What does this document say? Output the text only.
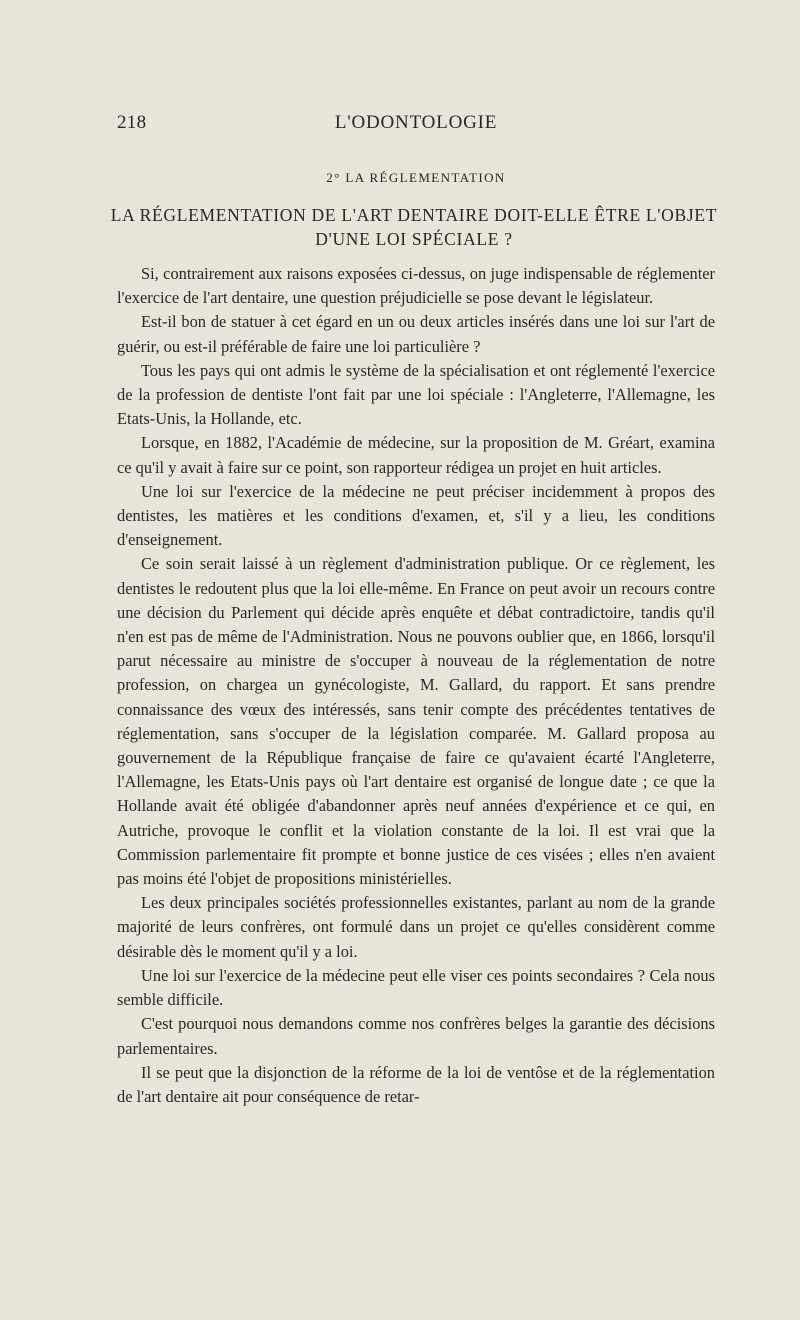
218	L'ODONTOLOGIE
2° LA RÉGLEMENTATION
LA RÉGLEMENTATION DE L'ART DENTAIRE DOIT-ELLE ÊTRE L'OBJET D'UNE LOI SPÉCIALE ?

Si, contrairement aux raisons exposées ci-dessus, on juge indispensable de réglementer l'exercice de l'art dentaire, une question préjudicielle se pose devant le législateur.

Est-il bon de statuer à cet égard en un ou deux articles insérés dans une loi sur l'art de guérir, ou est-il préférable de faire une loi particulière ?

Tous les pays qui ont admis le système de la spécialisation et ont réglementé l'exercice de la profession de dentiste l'ont fait par une loi spéciale : l'Angleterre, l'Allemagne, les Etats-Unis, la Hollande, etc.

Lorsque, en 1882, l'Académie de médecine, sur la proposition de M. Gréart, examina ce qu'il y avait à faire sur ce point, son rapporteur rédigea un projet en huit articles.

Une loi sur l'exercice de la médecine ne peut préciser incidemment à propos des dentistes, les matières et les conditions d'examen, et, s'il y a lieu, les conditions d'enseignement.

Ce soin serait laissé à un règlement d'administration publique. Or ce règlement, les dentistes le redoutent plus que la loi elle-même. En France on peut avoir un recours contre une décision du Parlement qui décide après enquête et débat contradictoire, tandis qu'il n'en est pas de même de l'Administration. Nous ne pouvons oublier que, en 1866, lorsqu'il parut nécessaire au ministre de s'occuper à nouveau de la réglementation de notre profession, on chargea un gynécologiste, M. Gallard, du rapport. Et sans prendre connaissance des vœux des intéressés, sans tenir compte des précédentes tentatives de réglementation, sans s'occuper de la législation comparée. M. Gallard proposa au gouvernement de la République française de faire ce qu'avaient écarté l'Angleterre, l'Allemagne, les Etats-Unis pays où l'art dentaire est organisé de longue date ; ce que la Hollande avait été obligée d'abandonner après neuf années d'expérience et ce qui, en Autriche, provoque le conflit et la violation constante de la loi. Il est vrai que la Commission parlementaire fit prompte et bonne justice de ces visées ; elles n'en avaient pas moins été l'objet de propositions ministérielles.

Les deux principales sociétés professionnelles existantes, parlant au nom de la grande majorité de leurs confrères, ont formulé dans un projet ce qu'elles considèrent comme désirable dès le moment qu'il y a loi.

Une loi sur l'exercice de la médecine peut elle viser ces points secondaires ? Cela nous semble difficile.

C'est pourquoi nous demandons comme nos confrères belges la garantie des décisions parlementaires.

Il se peut que la disjonction de la réforme de la loi de ventôse et de la réglementation de l'art dentaire ait pour conséquence de retar-
